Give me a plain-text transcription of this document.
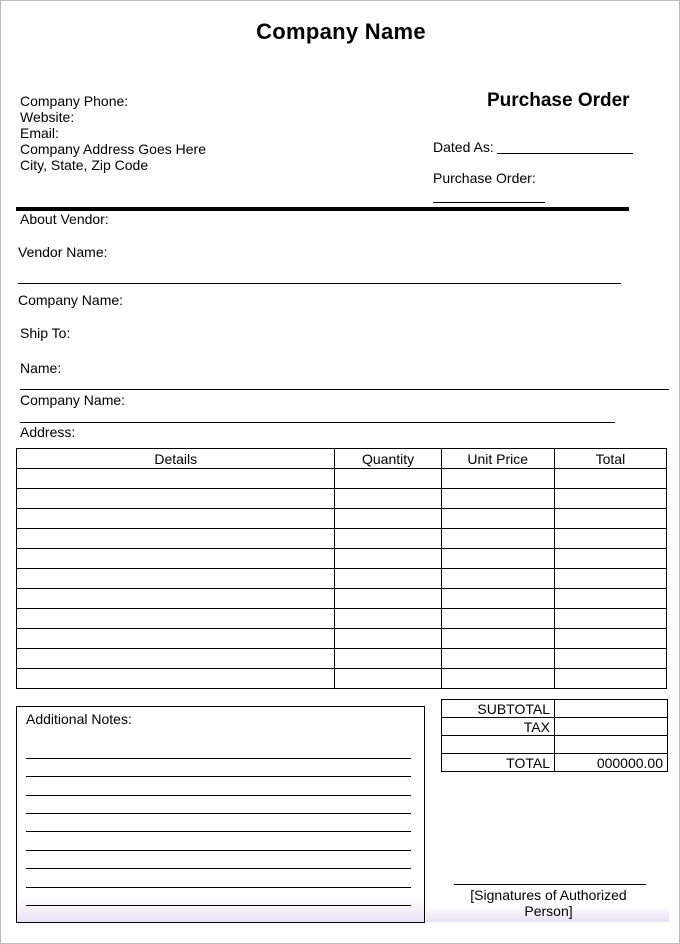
Company Name
Company Phone:
Website:
Email:
Company Address Goes Here
City, State, Zip Code
Purchase Order
Dated As:
Purchase Order:
About Vendor:
Vendor Name:
Company Name:
Ship To:
Name:
Company Name:
Address:
Details	Quantity	Unit Price	Total

SUBTOTAL	
TAX	

TOTAL	000000.00
Additional Notes:
[Signatures of Authorized
Person]
